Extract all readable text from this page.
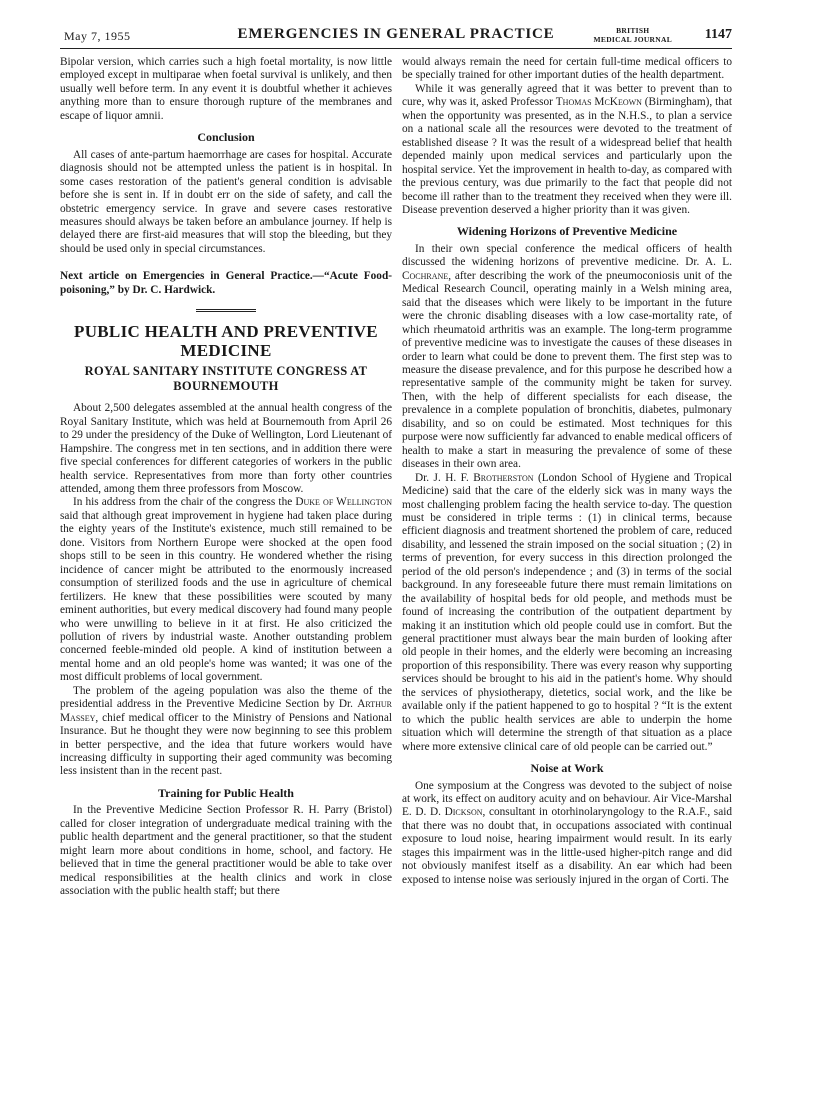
May 7, 1955	EMERGENCIES IN GENERAL PRACTICE	BRITISH
MEDICAL JOURNAL 1147

Bipolar version, which carries such a high foetal mortality, is now little employed except in multiparae when foetal survival is unlikely, and then usually well before term. In any event it is doubtful whether it achieves anything more than to ensure thorough rupture of the membranes and escape of liquor amnii.

Conclusion

All cases of ante-partum haemorrhage are cases for hospital. Accurate diagnosis should not be attempted unless the patient is in hospital. In some cases restoration of the patient's general condition is advisable before she is sent in. If in doubt err on the side of safety, and call the obstetric emergency service. In grave and severe cases restorative measures should always be taken before an ambulance journey. If help is delayed there are first-aid measures that will stop the bleeding, but they should be used only in special circumstances.

Next article on Emergencies in General Practice.—“Acute Food-poisoning,” by Dr. C. Hardwick.

PUBLIC HEALTH AND PREVENTIVE MEDICINE
ROYAL SANITARY INSTITUTE CONGRESS AT BOURNEMOUTH

About 2,500 delegates assembled at the annual health congress of the Royal Sanitary Institute, which was held at Bournemouth from April 26 to 29 under the presidency of the Duke of Wellington, Lord Lieutenant of Hampshire. The congress met in ten sections, and in addition there were five special conferences for different categories of workers in the public health service. Representatives from more than forty other countries attended, among them three professors from Moscow.

In his address from the chair of the congress the Duke of Wellington said that although great improvement in hygiene had taken place during the eighty years of the Institute's existence, much still remained to be done. Visitors from Northern Europe were shocked at the open food shops still to be seen in this country. He wondered whether the rising incidence of cancer might be attributed to the enormously increased consumption of sterilized foods and the use in agriculture of chemical fertilizers. He knew that these possibilities were scouted by many eminent authorities, but every medical discovery had found many people who were unwilling to believe in it at first. He also criticized the pollution of rivers by industrial waste. Another outstanding problem concerned feeble-minded old people. A kind of institution between a mental home and an old people's home was wanted; it was one of the most difficult problems of local government.

The problem of the ageing population was also the theme of the presidential address in the Preventive Medicine Section by Dr. Arthur Massey, chief medical officer to the Ministry of Pensions and National Insurance. But he thought they were now beginning to see this problem in better perspective, and the idea that future workers would have increasing difficulty in supporting their aged community was becoming less insistent than in the recent past.

Training for Public Health

In the Preventive Medicine Section Professor R. H. Parry (Bristol) called for closer integration of undergraduate medical training with the public health department and the general practitioner, so that the student might learn more about conditions in home, school, and factory. He believed that in time the general practitioner would be able to take over medical responsibilities at the health clinics and work in close association with the public health staff; but there

would always remain the need for certain full-time medical officers to be specially trained for other important duties of the health department.

While it was generally agreed that it was better to prevent than to cure, why was it, asked Professor Thomas McKeown (Birmingham), that when the opportunity was presented, as in the N.H.S., to plan a service on a national scale all the resources were devoted to the treatment of established disease ? It was the result of a widespread belief that health depended mainly upon medical services and particularly upon the hospital service. Yet the improvement in health to-day, as compared with the previous century, was due primarily to the fact that people did not become ill rather than to the treatment they received when they were ill. Disease prevention deserved a higher priority than it was given.

Widening Horizons of Preventive Medicine

In their own special conference the medical officers of health discussed the widening horizons of preventive medicine. Dr. A. L. Cochrane, after describing the work of the pneumoconiosis unit of the Medical Research Council, operating mainly in a Welsh mining area, said that the diseases which were likely to be important in the future were the chronic disabling diseases with a low case-mortality rate, of which rheumatoid arthritis was an example. The long-term programme of preventive medicine was to investigate the causes of these diseases in order to learn what could be done to prevent them. The first step was to measure the disease prevalence, and for this purpose he described how a representative sample of the community might be taken for survey. Then, with the help of different specialists for each disease, the prevalence in a complete population of bronchitis, diabetes, pulmonary disability, and so on could be estimated. Most techniques for this purpose were now sufficiently far advanced to enable medical officers of health to make a start in measuring the prevalence of some of these diseases in their own area.

Dr. J. H. F. Brotherston (London School of Hygiene and Tropical Medicine) said that the care of the elderly sick was in many ways the most challenging problem facing the health service to-day. The question must be considered in triple terms : (1) in clinical terms, because efficient diagnosis and treatment shortened the problem of care, reduced disability, and lessened the strain imposed on the social situation ; (2) in terms of prevention, for every success in this direction prolonged the period of the old person's independence ; and (3) in terms of the social background. In any foreseeable future there must remain limitations on the availability of hospital beds for old people, and methods must be found of increasing the contribution of the outpatient department by making it an institution which old people could use in comfort. But the general practitioner must always bear the main burden of looking after old people in their homes, and the elderly were becoming an increasing proportion of this responsibility. There was every reason why supporting services should be brought to his aid in the patient's home. Why should the services of physiotherapy, dietetics, social work, and the like be available only if the patient happened to go to hospital ? “It is the extent to which the public health services are able to underpin the home situation which will determine the strength of that situation as a place where more extensive clinical care of old people can be carried out.”

Noise at Work

One symposium at the Congress was devoted to the subject of noise at work, its effect on auditory acuity and on behaviour. Air Vice-Marshal E. D. D. Dickson, consultant in otorhinolaryngology to the R.A.F., said that there was no doubt that, in occupations associated with continual exposure to loud noise, hearing impairment would result. In its early stages this impairment was in the little-used higher-pitch range and did not obviously manifest itself as a disability. An ear which had been exposed to intense noise was seriously injured in the organ of Corti. The
